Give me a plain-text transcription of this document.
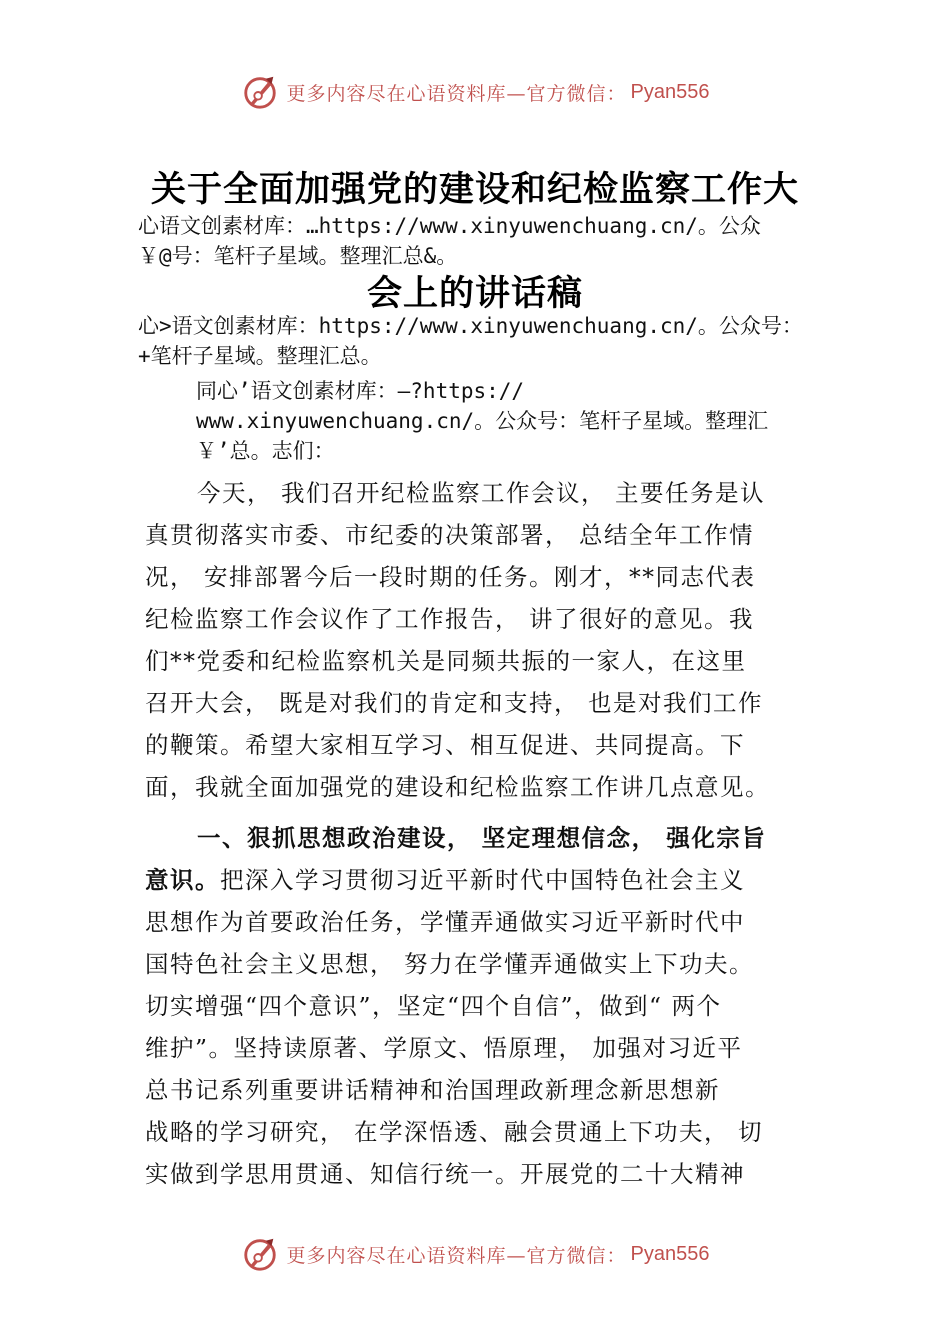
更多内容尽在心语资料库—官方微信： Pyan556
关于全面加强党的建设和纪检监察工作大
心语文创素材库：…https://www.xinyuwenchuang.cn/。公众
￥@号：笔杆子星域。整理汇总&。
会上的讲话稿
心>语文创素材库：https://www.xinyuwenchuang.cn/。公众号：
+笔杆子星域。整理汇总。
同心’语文创素材库：—?https://
www.xinyuwenchuang.cn/。公众号：笔杆子星域。整理汇
￥’总。志们：
今天， 我们召开纪检监察工作会议， 主要任务是认
真贯彻落实市委、市纪委的决策部署， 总结全年工作情
况， 安排部署今后一段时期的任务。刚才，**同志代表
纪检监察工作会议作了工作报告， 讲了很好的意见。我
们**党委和纪检监察机关是同频共振的一家人，在这里
召开大会， 既是对我们的肯定和支持， 也是对我们工作
的鞭策。希望大家相互学习、相互促进、共同提高。下
面，我就全面加强党的建设和纪检监察工作讲几点意见。
一、狠抓思想政治建设， 坚定理想信念， 强化宗旨
意识。把深入学习贯彻习近平新时代中国特色社会主义
思想作为首要政治任务，学懂弄通做实习近平新时代中
国特色社会主义思想， 努力在学懂弄通做实上下功夫。
切实增强“四个意识”，坚定“四个自信”，做到“ 两个
维护”。坚持读原著、学原文、悟原理， 加强对习近平
总书记系列重要讲话精神和治国理政新理念新思想新
战略的学习研究， 在学深悟透、融会贯通上下功夫， 切
实做到学思用贯通、知信行统一。开展党的二十大精神
更多内容尽在心语资料库—官方微信： Pyan556
